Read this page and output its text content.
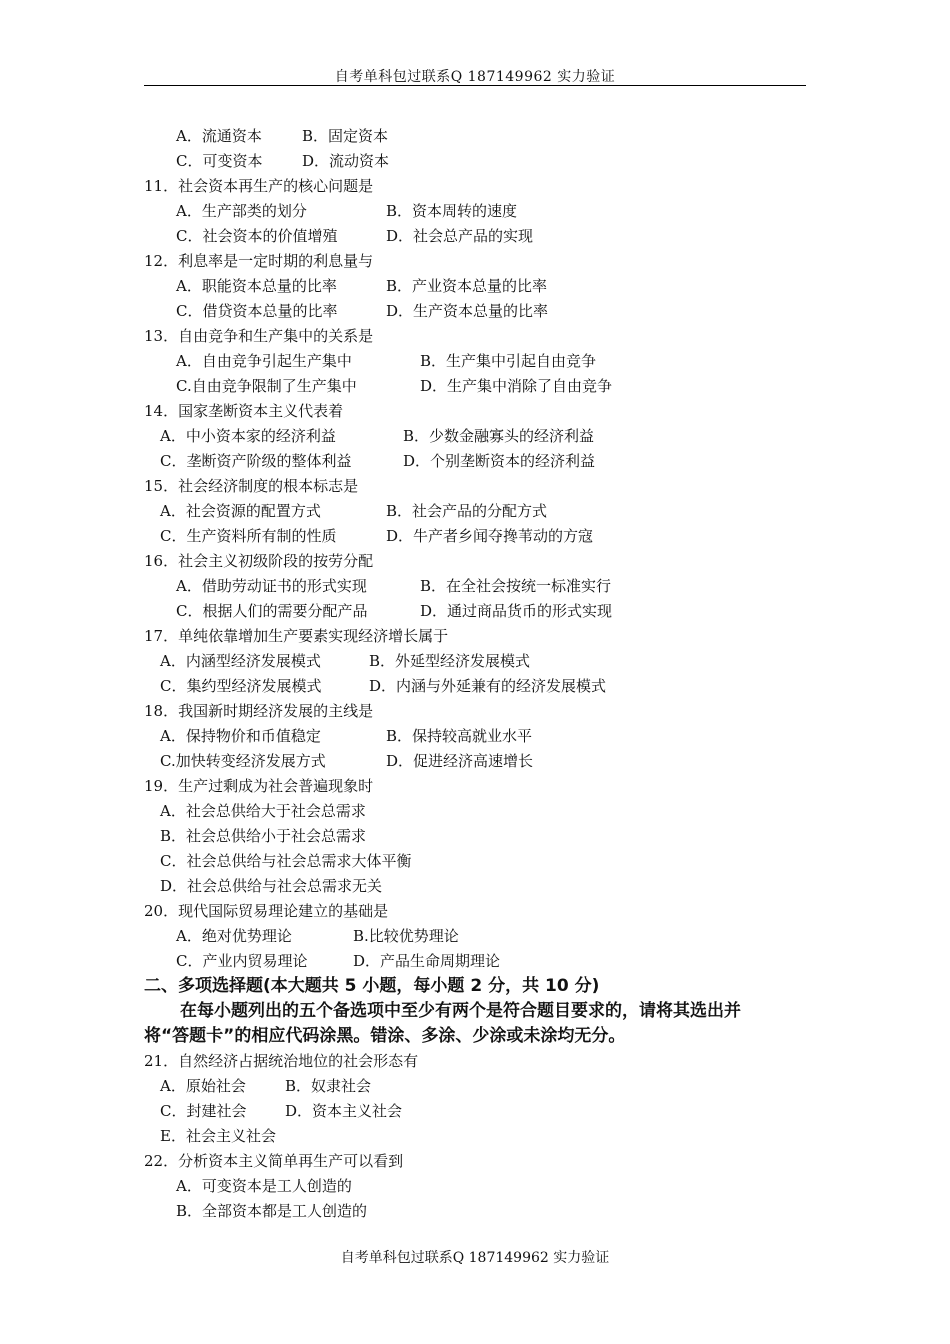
自考单科包过联系Q 187149962 实力验证
A．流通资本	B．固定资本
C．可变资本	D．流动资本
11．社会资本再生产的核心问题是
A．生产部类的划分	B．资本周转的速度
C．社会资本的价值增殖	D．社会总产品的实现
12．利息率是一定时期的利息量与
A．职能资本总量的比率	B．产业资本总量的比率
C．借贷资本总量的比率	D．生产资本总量的比率
13．自由竞争和生产集中的关系是
A．自由竞争引起生产集中	B．生产集中引起自由竞争
C.自由竞争限制了生产集中	D．生产集中消除了自由竞争
14．国家垄断资本主义代表着
A．中小资本家的经济利益	B．少数金融寡头的经济利益
C．垄断资产阶级的整体利益	D．个别垄断资本的经济利益
15．社会经济制度的根本标志是
A．社会资源的配置方式	B．社会产品的分配方式
C．生产资料所有制的性质	D．牛产者乡闻夺搀苇动的方寇
16．社会主义初级阶段的按劳分配
A．借助劳动证书的形式实现	B．在全社会按统一标准实行
C．根据人们的需要分配产品	D．通过商品货币的形式实现
17．单纯依靠增加生产要素实现经济增长属于
A．内涵型经济发展模式	B．外延型经济发展模式
C．集约型经济发展模式	D．内涵与外延兼有的经济发展模式
18．我国新时期经济发展的主线是
A．保持物价和币值稳定	B．保持较高就业水平
C.加快转变经济发展方式	D．促进经济高速增长
19．生产过剩成为社会普遍现象时
A．社会总供给大于社会总需求
B．社会总供给小于社会总需求
C．社会总供给与社会总需求大体平衡
D．社会总供给与社会总需求无关
20．现代国际贸易理论建立的基础是
A．绝对优势理论	B.比较优势理论
C．产业内贸易理论	D．产品生命周期理论
二、多项选择题(本大题共 5 小题，每小题 2 分，共 10 分)
在每小题列出的五个备选项中至少有两个是符合题目要求的，请将其选出并
将“答题卡”的相应代码涂黑。错涂、多涂、少涂或未涂均无分。
21．自然经济占据统治地位的社会形态有
A．原始社会	B．奴隶社会
C．封建社会	D．资本主义社会
E．社会主义社会
22．分析资本主义简单再生产可以看到
A．可变资本是工人创造的
B．全部资本都是工人创造的
自考单科包过联系Q 187149962 实力验证
